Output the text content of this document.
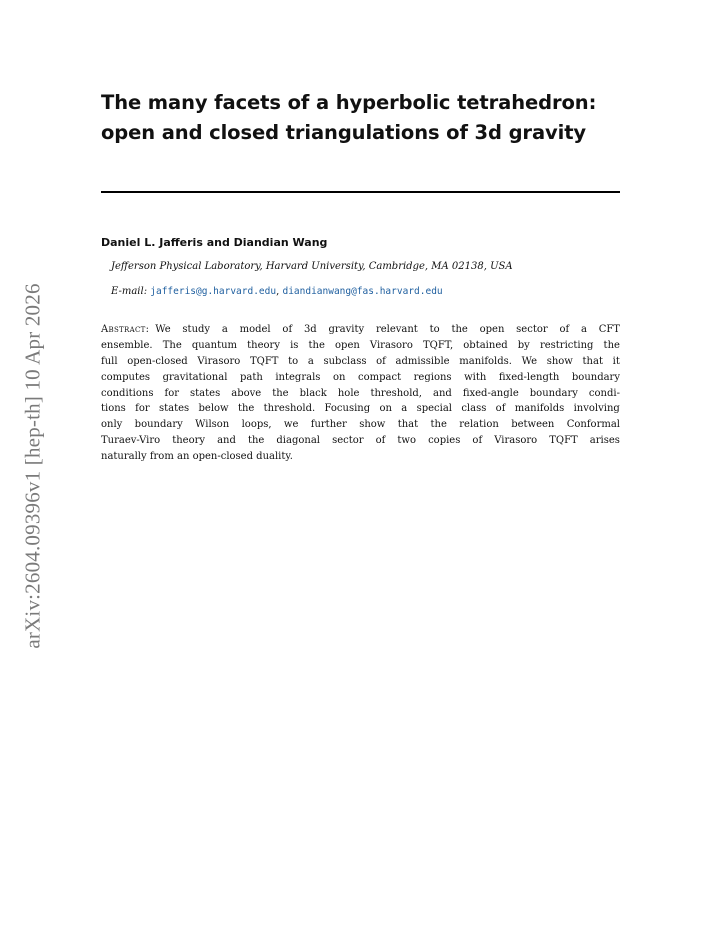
arXiv:2604.09396v1 [hep-th] 10 Apr 2026
The many facets of a hyperbolic tetrahedron:
open and closed triangulations of 3d gravity
Daniel L. Jafferis and Diandian Wang
Jefferson Physical Laboratory, Harvard University, Cambridge, MA 02138, USA
E-mail: jafferis@g.harvard.edu, diandianwang@fas.harvard.edu
Abstract: We study a model of 3d gravity relevant to the open sector of a CFT
ensemble. The quantum theory is the open Virasoro TQFT, obtained by restricting the
full open-closed Virasoro TQFT to a subclass of admissible manifolds. We show that it
computes gravitational path integrals on compact regions with fixed-length boundary
conditions for states above the black hole threshold, and fixed-angle boundary condi-
tions for states below the threshold. Focusing on a special class of manifolds involving
only boundary Wilson loops, we further show that the relation between Conformal
Turaev-Viro theory and the diagonal sector of two copies of Virasoro TQFT arises
naturally from an open-closed duality.
